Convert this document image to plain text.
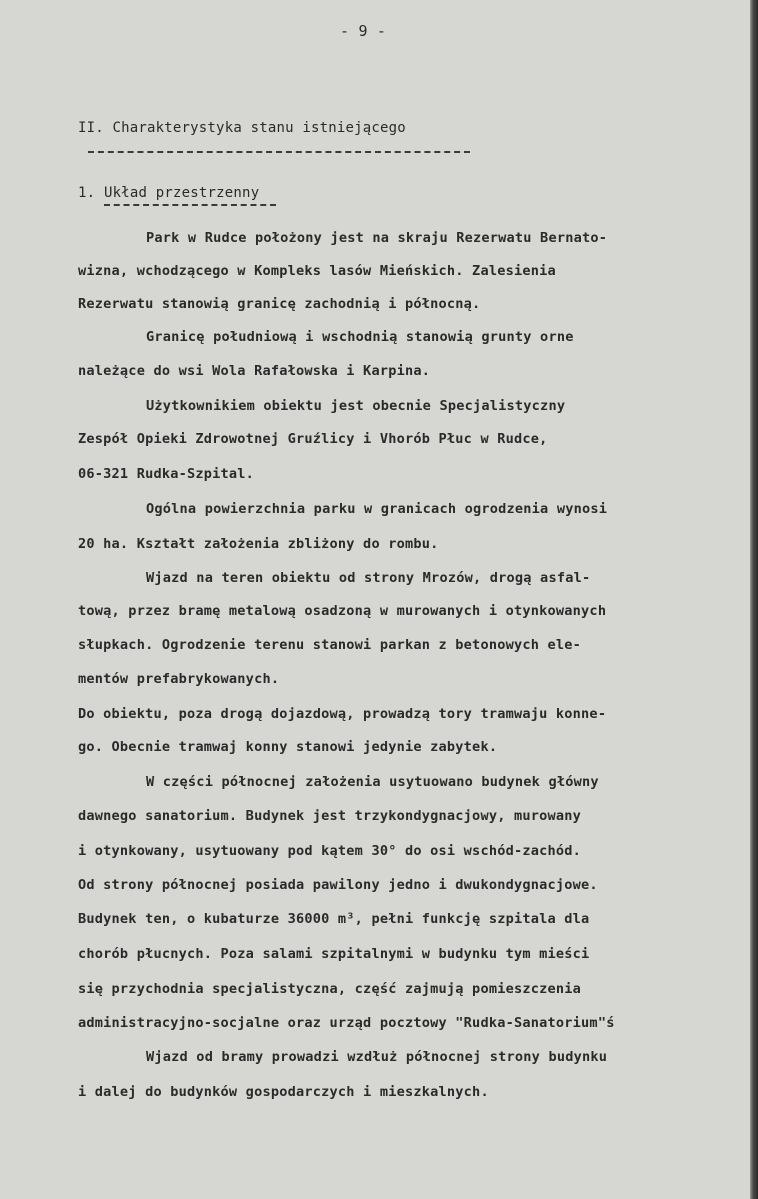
- 9 -
II. Charakterystyka stanu istniejącego
1. Układ przestrzenny
Park w Rudce położony jest na skraju Rezerwatu Bernato-
wizna, wchodzącego w Kompleks lasów Mieńskich. Zalesienia
Rezerwatu stanowią granicę zachodnią i północną.
Granicę południową i wschodnią stanowią grunty orne
należące do wsi Wola Rafałowska i Karpina.
Użytkownikiem obiektu jest obecnie Specjalistyczny
Zespół Opieki Zdrowotnej Gruźlicy i Vhorób Płuc w Rudce,
06-321 Rudka-Szpital.
Ogólna powierzchnia parku w granicach ogrodzenia wynosi
20 ha. Kształt założenia zbliżony do rombu.
Wjazd na teren obiektu od strony Mrozów, drogą asfal-
tową, przez bramę metalową osadzoną w murowanych i otynkowanych
słupkach. Ogrodzenie terenu stanowi parkan z betonowych ele-
mentów prefabrykowanych.
Do obiektu, poza drogą dojazdową, prowadzą tory tramwaju konne-
go. Obecnie tramwaj konny stanowi jedynie zabytek.
W części północnej założenia usytuowano budynek główny
dawnego sanatorium. Budynek jest trzykondygnacjowy, murowany
i otynkowany, usytuowany pod kątem 30° do osi wschód-zachód.
Od strony północnej posiada pawilony jedno i dwukondygnacjowe.
Budynek ten, o kubaturze 36000 m³, pełni funkcję szpitala dla
chorób płucnych. Poza salami szpitalnymi w budynku tym mieści
się przychodnia specjalistyczna, część zajmują pomieszczenia
administracyjno-socjalne oraz urząd pocztowy "Rudka-Sanatorium"ś
Wjazd od bramy prowadzi wzdłuż północnej strony budynku
i dalej do budynków gospodarczych i mieszkalnych.
